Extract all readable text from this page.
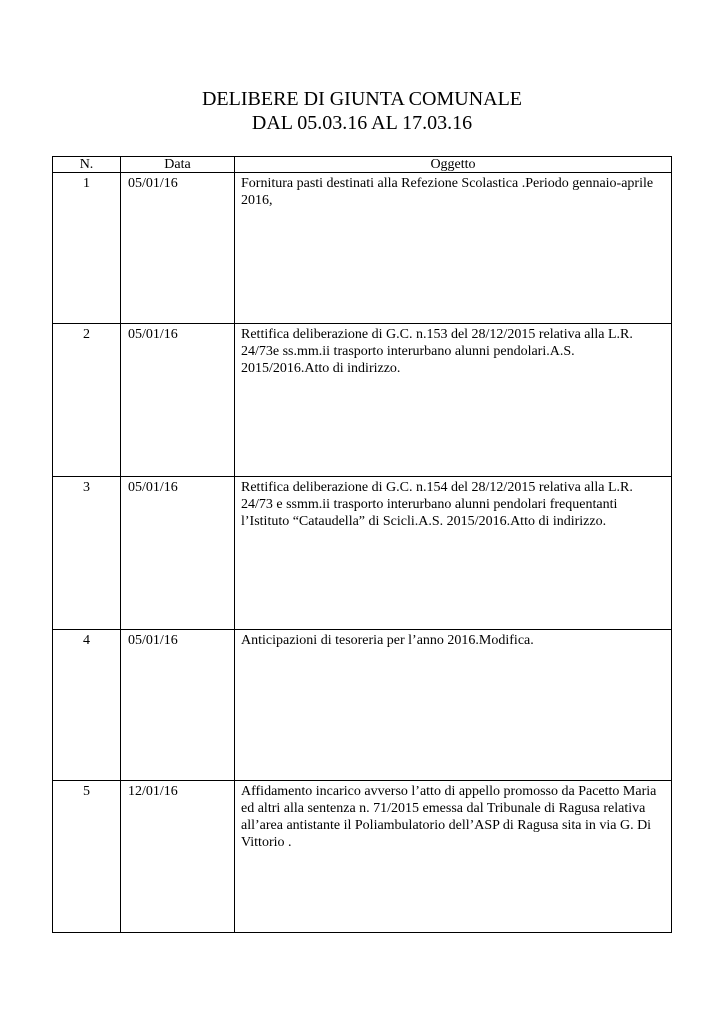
DELIBERE DI GIUNTA COMUNALE
DAL 05.03.16 AL 17.03.16
N.	Data	Oggetto
1	05/01/16	Fornitura pasti destinati alla Refezione Scolastica .Periodo gennaio-aprile 2016,
2	05/01/16	Rettifica deliberazione di G.C. n.153 del 28/12/2015 relativa alla L.R. 24/73e ss.mm.ii trasporto interurbano alunni pendolari.A.S. 2015/2016.Atto di indirizzo.
3	05/01/16	Rettifica deliberazione di G.C. n.154 del 28/12/2015 relativa alla L.R. 24/73 e ssmm.ii trasporto interurbano alunni pendolari frequentanti l’Istituto “Cataudella” di Scicli.A.S. 2015/2016.Atto di indirizzo.
4	05/01/16	Anticipazioni di tesoreria per l’anno 2016.Modifica.
5	12/01/16	Affidamento incarico avverso l’atto di appello promosso da Pacetto Maria ed altri alla sentenza n. 71/2015 emessa dal Tribunale di Ragusa relativa all’area antistante il Poliambulatorio dell’ASP di Ragusa sita in via G. Di Vittorio .
